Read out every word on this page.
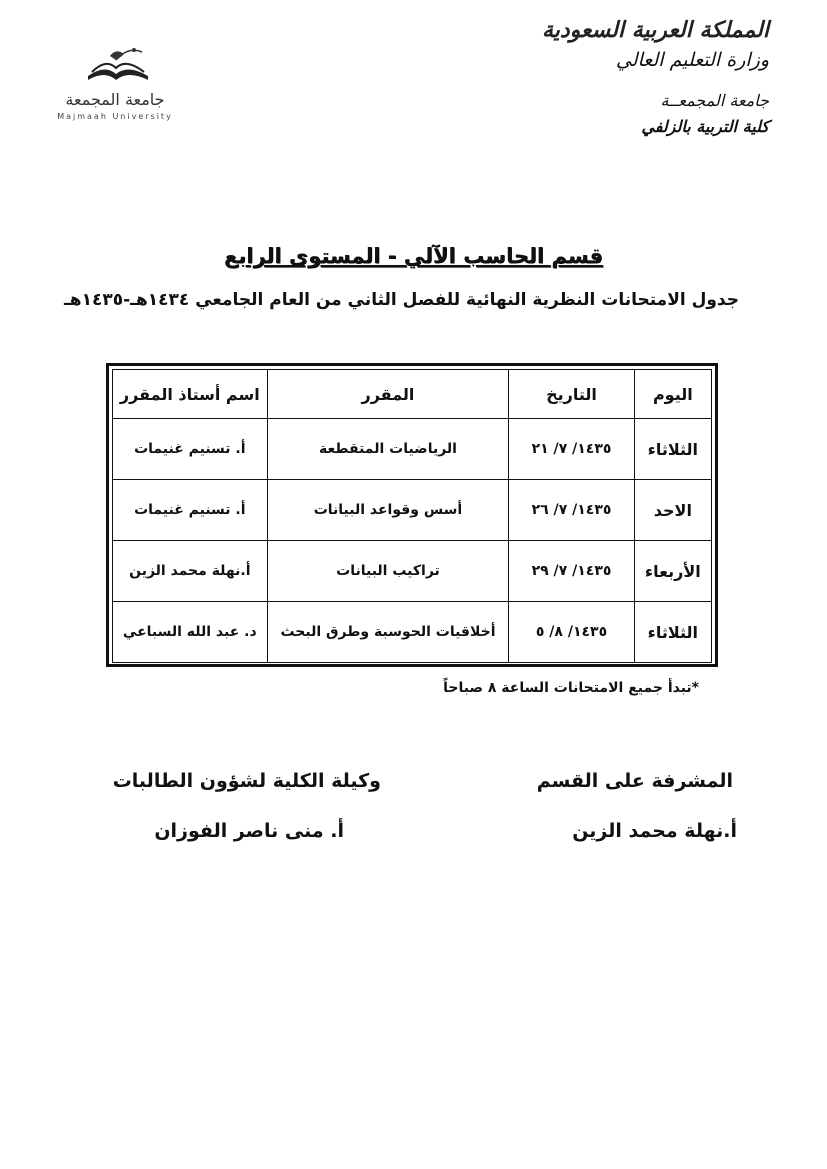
جامعة المجمعة
Majmaah University

المملكة العربية السعودية

وزارة التعليم العالي

جامعة المجمعــة

كلية التربية بالزلفي

قسم الحاسب الآلي - المستوى الرابع
جدول الامتحانات النظرية النهائية للفصل الثاني من العام الجامعي ١٤٣٤هـ-١٤٣٥هـ
اليوم	التاريخ	المقرر	اسم أستاذ المقرر
الثلاثاء	١٤٣٥/ ٧/ ٢١	الرياضيات المتقطعة	أ. تسنيم غنيمات
الاحد	١٤٣٥/ ٧/ ٢٦	أسس وقواعد البيانات	أ. تسنيم غنيمات
الأربعاء	١٤٣٥/ ٧/ ٢٩	تراكيب البيانات	أ.نهلة محمد الزين
الثلاثاء	١٤٣٥/ ٨/ ٥	أخلاقيات الحوسبة وطرق البحث	د. عبد الله السباعي
*تبدأ جميع الامتحانات الساعة ٨ صباحاً
المشرفة على القسم
وكيلة الكلية لشؤون الطالبات
أ.نهلة محمد الزين
أ. منى ناصر الفوزان
